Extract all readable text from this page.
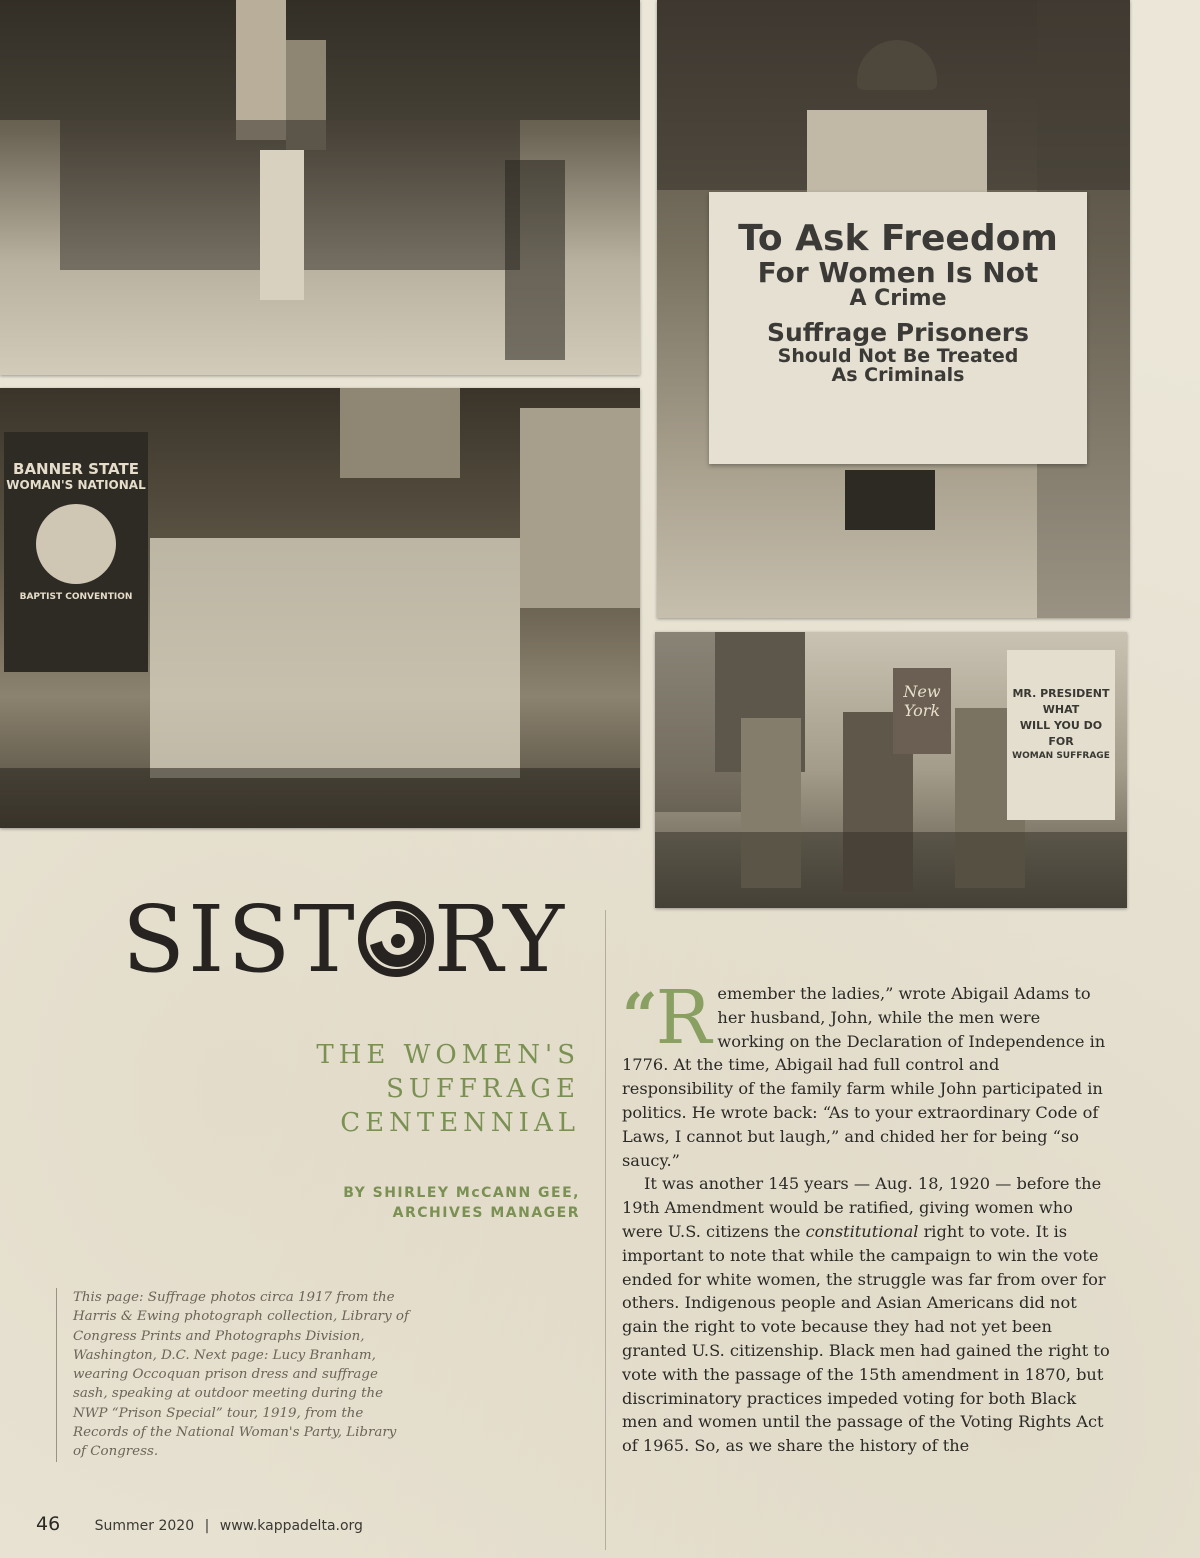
To Ask Freedom
For Women Is Not
A Crime
Suffrage Prisoners
Should Not Be Treated
As Criminals
BANNER STATE
WOMAN'S NATIONAL
BAPTIST CONVENTION
New York
MR. PRESIDENT
WHAT
WILL YOU DO
FOR
WOMAN SUFFRAGE
SIST RY
THE WOMEN'S
SUFFRAGE
CENTENNIAL
BY SHIRLEY McCANN GEE,
ARCHIVES MANAGER
This page: Suffrage photos circa 1917 from the Harris & Ewing photograph collection, Library of Congress Prints and Photographs Division, Washington, D.C. Next page: Lucy Branham, wearing Occoquan prison dress and suffrage sash, speaking at outdoor meeting during the NWP “Prison Special” tour, 1919, from the Records of the National Woman's Party, Library of Congress.

“R emember the ladies,” wrote Abigail Adams to her husband, John, while the men were working on the Declaration of Independence in 1776. At the time, Abigail had full control and responsibility of the family farm while John participated in politics. He wrote back: “As to your extraordinary Code of Laws, I cannot but laugh,” and chided her for being “so saucy.”

It was another 145 years — Aug. 18, 1920 — before the 19th Amendment would be ratified, giving women who were U.S. citizens the constitutional right to vote. It is important to note that while the campaign to win the vote ended for white women, the struggle was far from over for others. Indigenous people and Asian Americans did not gain the right to vote because they had not yet been granted U.S. citizenship. Black men had gained the right to vote with the passage of the 15th amendment in 1870, but discriminatory practices impeded voting for both Black men and women until the passage of the Voting Rights Act of 1965. So, as we share the history of the

46 Summer 2020 | www.kappadelta.org
